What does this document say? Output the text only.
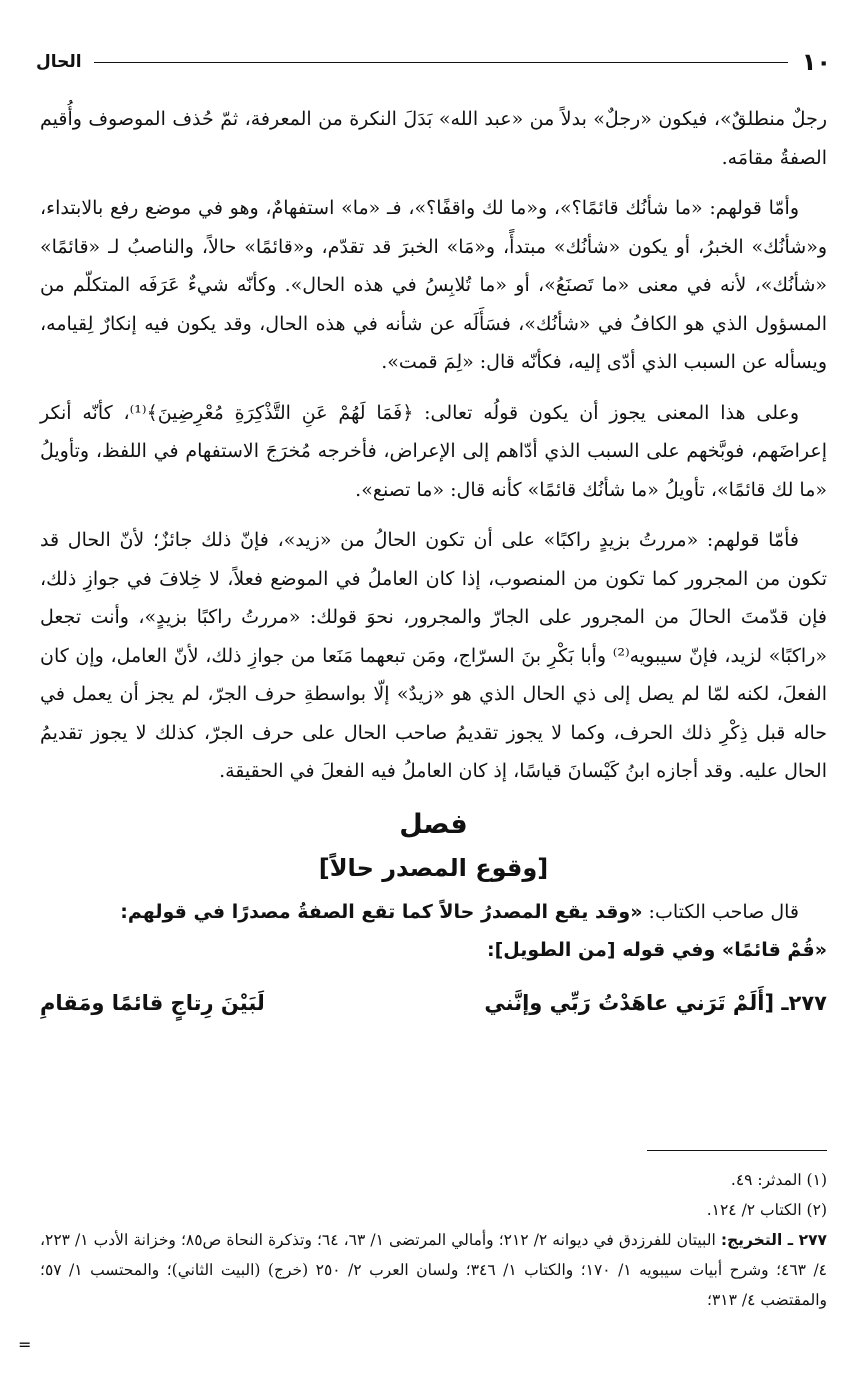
١٠
الحال

رجلٌ منطلقٌ»، فيكون «رجلٌ» بدلاً من «عبد الله» بَدَلَ النكرة من المعرفة، ثمّ حُذف الموصوف وأُقيم الصفةُ مقامَه.

وأمّا قولهم: «ما شأنُك قائمًا؟»، و«ما لك واقفًا؟»، فـ «ما» استفهامٌ، وهو في موضع رفع بالابتداء، و«شأنُك» الخبرُ، أو يكون «شأنُك» مبتدأً، و«مَا» الخبرَ قد تقدّم، و«قائمًا» حالاً، والناصبُ لـ «قائمًا» «شأنُك»، لأنه في معنى «ما تَصنَعُ»، أو «ما تُلابِسُ في هذه الحال». وكأنّه شيءٌ عَرَفَه المتكلّم من المسؤول الذي هو الكافُ في «شأنُك»، فسَأَلَه عن شأنه في هذه الحال، وقد يكون فيه إنكارٌ لِقيامه، ويسأله عن السبب الذي أدّى إليه، فكأنّه قال: «لِمَ قمت».

وعلى هذا المعنى يجوز أن يكون قولُه تعالى: ﴿فَمَا لَهُمْ عَنِ التَّذْكِرَةِ مُعْرِضِينَ﴾⁽¹⁾، كأنّه أنكر إعراضَهم، فوبَّخهم على السبب الذي أدّاهم إلى الإعراض، فأخرجه مُخرَجَ الاستفهام في اللفظ، وتأويلُ «ما لك قائمًا»، تأويلُ «ما شأنُك قائمًا» كأنه قال: «ما تصنع».

فأمّا قولهم: «مررتُ بزيدٍ راكبًا» على أن تكون الحالُ من «زيد»، فإنّ ذلك جائزٌ؛ لأنّ الحال قد تكون من المجرور كما تكون من المنصوب، إذا كان العاملُ في الموضع فعلاً، لا خِلافَ في جوازِ ذلك، فإن قدّمتَ الحالَ من المجرور على الجارّ والمجرور، نحوَ قولك: «مررتُ راكبًا بزيدٍ»، وأنت تجعل «راكبًا» لزيد، فإنّ سيبويه⁽²⁾ وأبا بَكْرِ بنَ السرّاج، ومَن تبعهما مَنَعا من جوازِ ذلك، لأنّ العامل، وإن كان الفعلَ، لكنه لمّا لم يصل إلى ذي الحال الذي هو «زيدٌ» إلّا بواسطةِ حرف الجرّ، لم يجز أن يعمل في حاله قبل ذِكْرِ ذلك الحرف، وكما لا يجوز تقديمُ صاحب الحال على حرف الجرّ، كذلك لا يجوز تقديمُ الحال عليه. وقد أجازه ابنُ كَيْسانَ قياسًا، إذ كان العاملُ فيه الفعلَ في الحقيقة.

فصل
[وقوع المصدر حالاً]

قال صاحب الكتاب: «وقد يقع المصدرُ حالاً كما تقع الصفةُ مصدرًا في قولهم:

«قُمْ قائمًا» وفي قوله [من الطويل]:

٢٧٧ـ [أَلَمْ تَرَني عاهَدْتُ رَبِّي وإنَّني
لَبَيْنَ رِتاجٍ قائمًا ومَقامِ

(١) المدثر: ٤٩.

(٢) الكتاب ٢/ ١٢٤.

٢٧٧ ـ التخريج: البيتان للفرزدق في ديوانه ٢/ ٢١٢؛ وأمالي المرتضى ١/ ٦٣، ٦٤؛ وتذكرة النحاة ص٨٥؛ وخزانة الأدب ١/ ٢٢٣، ٤/ ٤٦٣؛ وشرح أبيات سيبويه ١/ ١٧٠؛ والكتاب ١/ ٣٤٦؛ ولسان العرب ٢/ ٢٥٠ (خرج) (البيت الثاني)؛ والمحتسب ١/ ٥٧؛ والمقتضب ٤/ ٣١٣؛

=
